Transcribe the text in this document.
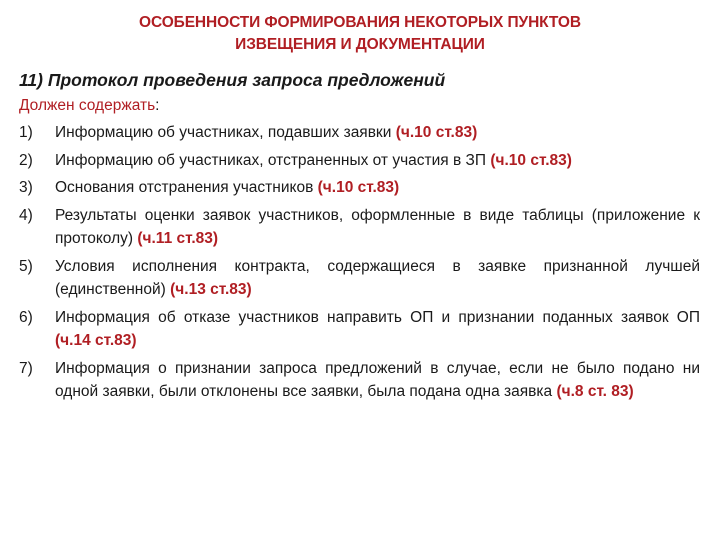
ОСОБЕННОСТИ ФОРМИРОВАНИЯ НЕКОТОРЫХ ПУНКТОВ
ИЗВЕЩЕНИЯ И ДОКУМЕНТАЦИИ
11) Протокол проведения запроса предложений
Должен содержать:
1)	Информацию об участниках, подавших заявки (ч.10 ст.83)
2)	Информацию об участниках, отстраненных от участия в ЗП (ч.10 ст.83)
3)	Основания отстранения участников (ч.10 ст.83)
4)	Результаты оценки заявок участников, оформленные в виде таблицы (приложение к протоколу) (ч.11 ст.83)
5)	Условия исполнения контракта, содержащиеся в заявке признанной лучшей (единственной) (ч.13 ст.83)
6)	Информация об отказе участников направить ОП и признании поданных заявок ОП (ч.14 ст.83)
7)	Информация о признании запроса предложений в случае, если не было подано ни одной заявки, были отклонены все заявки, была подана одна заявка (ч.8 ст. 83)
